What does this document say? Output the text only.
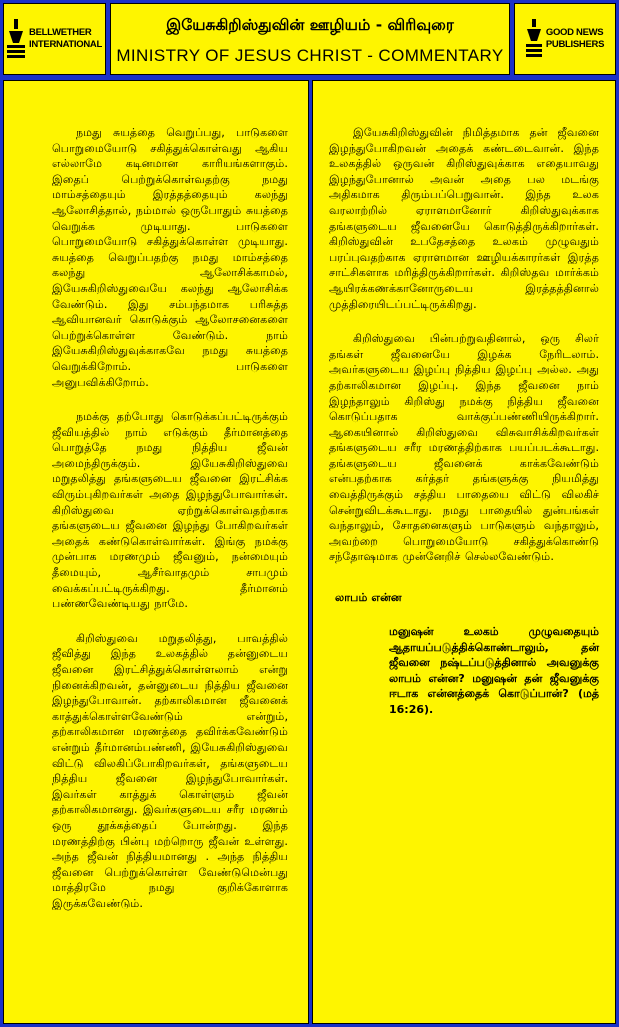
BELLWETHER
INTERNATIONAL
இயேசுகிறிஸ்துவின் ஊழியம் - விரிவுரை
MINISTRY OF JESUS CHRIST - COMMENTARY
GOOD NEWS
PUBLISHERS

நமது சுயத்தை வெறுப்பது, பாடுகளை பொறுமையோடு சகித்துக்கொள்வது ஆகிய எல்லாமே கடினமான காரியங்களாகும். இதைப் பெற்றுக்கொள்வதற்கு நமது மாம்சத்தையும் இரத்தத்தையும் கலந்து ஆலோசித்தால், நம்மால் ஒருபோதும் சுயத்தை வெறுக்க முடியாது. பாடுகளை பொறுமையோடு சகித்துக்கொள்ள முடியாது. சுயத்தை வெறுப்பதற்கு நமது மாம்சத்தை கலந்து ஆலோசிக்காமல், இயேசுகிறிஸ்துவையே கலந்து ஆலோசிக்க வேண்டும். இது சம்பந்தமாக பரிசுத்த ஆவியானவர் கொடுக்கும் ஆலோசனைகளை பெற்றுக்கொள்ள வேண்டும். நாம் இயேசுகிறிஸ்துவுக்காகவே நமது சுயத்தை வெறுக்கிறோம். பாடுகளை அனுபவிக்கிறோம்.

நமக்கு தற்போது கொடுக்கப்பட்டிருக்கும் ஜீவியத்தில் நாம் எடுக்கும் தீர்மானத்தை பொறுத்தே நமது நித்திய ஜீவன் அமைந்திருக்கும். இயேசுகிறிஸ்துவை மறுதலித்து தங்களுடைய ஜீவனை இரட்சிக்க விரும்புகிறவர்கள் அதை இழந்துபோவார்கள். கிறிஸ்துவை ஏற்றுக்கொள்வதற்காக தங்களுடைய ஜீவனை இழந்து போகிறவர்கள் அதைக் கண்டுகொள்வார்கள். இங்கு நமக்கு முன்பாக மரணமும் ஜீவனும், நன்மையும் தீமையும், ஆசீர்வாதமும் சாபமும் வைக்கப்பட்டிருக்கிறது. தீர்மானம் பண்ணவேண்டியது நாமே.

கிறிஸ்துவை மறுதலித்து, பாவத்தில் ஜீவித்து இந்த உலகத்தில் தன்னுடைய ஜீவனை இரட்சித்துக்கொள்ளலாம் என்று நினைக்கிறவன், தன்னுடைய நித்திய ஜீவனை இழந்துபோவான். தற்காலிகமான ஜீவனைக் காத்துக்கொள்ளவேண்டும் என்றும், தற்காலிகமான மரணத்தை தவிர்க்கவேண்டும் என்றும் தீர்மானம்பண்ணி, இயேசுகிறிஸ்துவை விட்டு விலகிப்போகிறவர்கள், தங்களுடைய நித்திய ஜீவனை இழந்துபோவார்கள். இவர்கள் காத்துக் கொள்ளும் ஜீவன் தற்காலிகமானது. இவர்களுடைய சரீர மரணம் ஒரு தூக்கத்தைப் போன்றது. இந்த மரணத்திற்கு பின்பு மற்றொரு ஜீவன் உள்ளது. அந்த ஜீவன் நித்தியமானது . அந்த நித்திய ஜீவனை பெற்றுக்கொள்ள வேண்டுமென்பது மாத்திரமே நமது குறிக்கோளாக இருக்கவேண்டும்.

இயேசுகிறிஸ்துவின் நிமித்தமாக தன் ஜீவனை இழந்துபோகிறவன் அதைக் கண்டடைவான். இந்த உலகத்தில் ஒருவன் கிறிஸ்துவுக்காக எதையாவது இழந்துபோனால் அவன் அதை பல மடங்கு அதிகமாக திரும்பப்பெறுவான். இந்த உலக வரலாற்றில் ஏராளமானோர் கிறிஸ்துவுக்காக தங்களுடைய ஜீவனையே கொடுத்திருக்கிறார்கள். கிறிஸ்துவின் உபதேசத்தை உலகம் முழுவதும் பரப்புவதற்காக ஏராளமான ஊழியக்காரர்கள் இரத்த சாட்சிகளாக மரித்திருக்கிறார்கள். கிறிஸ்தவ மார்க்கம் ஆயிரக்கணக்கானோருடைய இரத்தத்தினால் முத்திரையிடப்பட்டிருக்கிறது.

கிறிஸ்துவை பின்பற்றுவதினால், ஒரு சிலர் தங்கள் ஜீவனையே இழக்க நேரிடலாம். அவர்களுடைய இழப்பு நித்திய இழப்பு அல்ல. அது தற்காலிகமான இழப்பு. இந்த ஜீவனை நாம் இழந்தாலும் கிறிஸ்து நமக்கு நித்திய ஜீவனை கொடுப்பதாக வாக்குப்பண்ணியிருக்கிறார். ஆகையினால் கிறிஸ்துவை விசுவாசிக்கிறவர்கள் தங்களுடைய சரீர மரணத்திற்காக பயப்படக்கூடாது. தங்களுடைய ஜீவனைக் காக்கவேண்டும் என்பதற்காக கர்த்தர் தங்களுக்கு நியமித்து வைத்திருக்கும் சத்திய பாதையை விட்டு விலகிச் சென்றுவிடக்கூடாது. நமது பாதையில் துன்பங்கள் வந்தாலும், சோதனைகளும் பாடுகளும் வந்தாலும், அவற்றை பொறுமையோடு சகித்துக்கொண்டு சந்தோஷமாக முன்னேறிச் செல்லவேண்டும்.

லாபம் என்ன
மனுஷன் உலகம் முழுவதையும் ஆதாயப்படுத்திக்கொண்டாலும், தன் ஜீவனை நஷ்டப்படுத்தினால் அவனுக்கு லாபம் என்ன? மனுஷன் தன் ஜீவனுக்கு ஈடாக என்னத்தைக் கொடுப்பான்? (மத் 16:26).
